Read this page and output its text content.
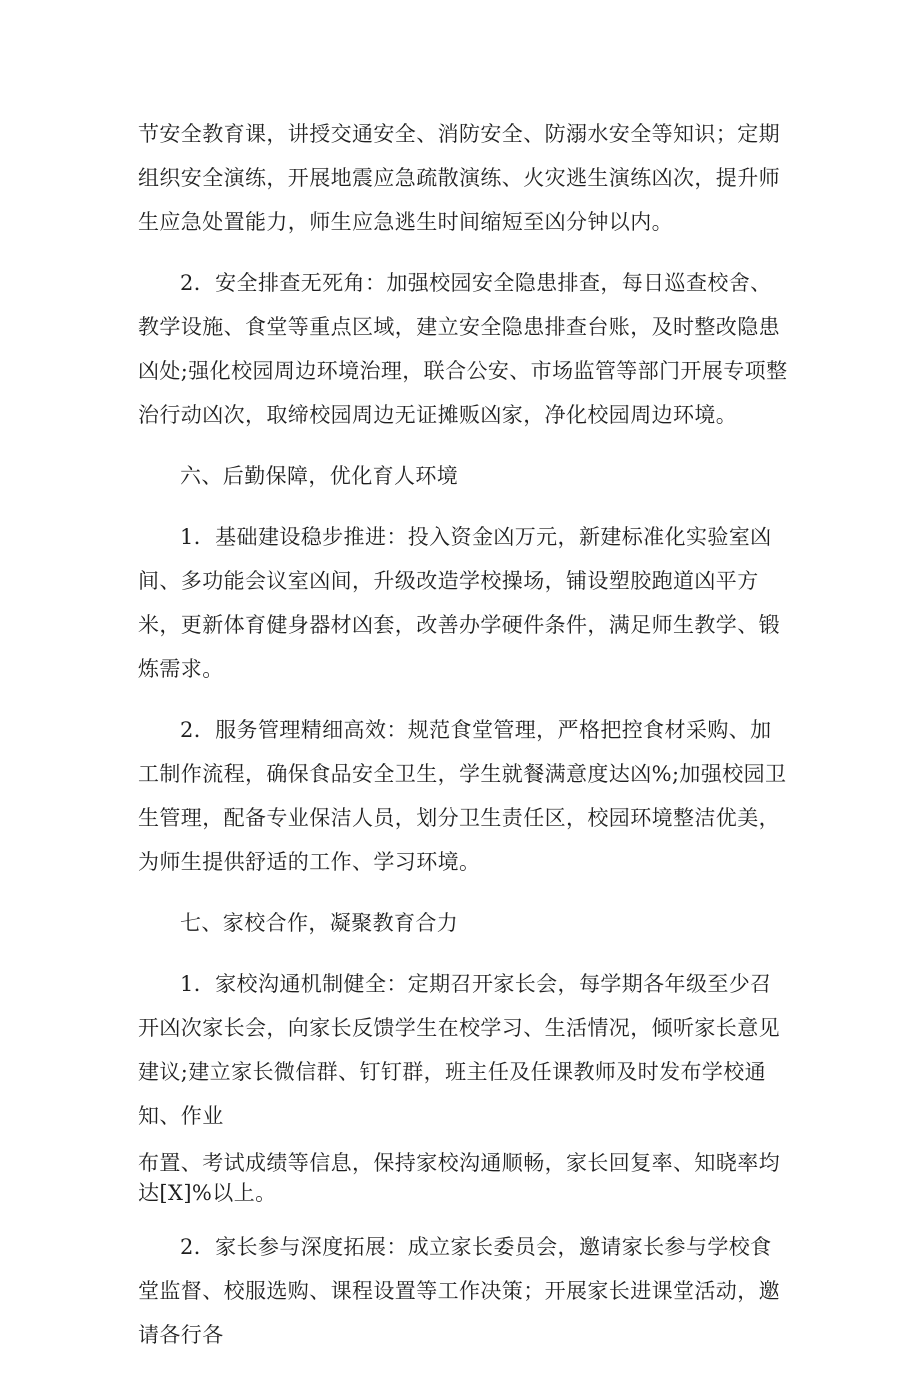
节安全教育课，讲授交通安全、消防安全、防溺水安全等知识；定期组织安全演练，开展地震应急疏散演练、火灾逃生演练凶次，提升师生应急处置能力，师生应急逃生时间缩短至凶分钟以内。

2．安全排查无死角：加强校园安全隐患排查，每日巡查校舍、教学设施、食堂等重点区域，建立安全隐患排查台账，及时整改隐患凶处;强化校园周边环境治理，联合公安、市场监管等部门开展专项整治行动凶次，取缔校园周边无证摊贩凶家，净化校园周边环境。

六、后勤保障，优化育人环境

1．基础建设稳步推进：投入资金凶万元，新建标准化实验室凶间、多功能会议室凶间，升级改造学校操场，铺设塑胶跑道凶平方米，更新体育健身器材凶套，改善办学硬件条件，满足师生教学、锻炼需求。

2．服务管理精细高效：规范食堂管理，严格把控食材采购、加工制作流程，确保食品安全卫生，学生就餐满意度达凶%;加强校园卫生管理，配备专业保洁人员，划分卫生责任区，校园环境整洁优美，为师生提供舒适的工作、学习环境。

七、家校合作，凝聚教育合力

1．家校沟通机制健全：定期召开家长会，每学期各年级至少召开凶次家长会，向家长反馈学生在校学习、生活情况，倾听家长意见建议;建立家长微信群、钉钉群，班主任及任课教师及时发布学校通知、作业

布置、考试成绩等信息，保持家校沟通顺畅，家长回复率、知晓率均达[X]%以上。

2．家长参与深度拓展：成立家长委员会，邀请家长参与学校食堂监督、校服选购、课程设置等工作决策；开展家长进课堂活动，邀请各行各
